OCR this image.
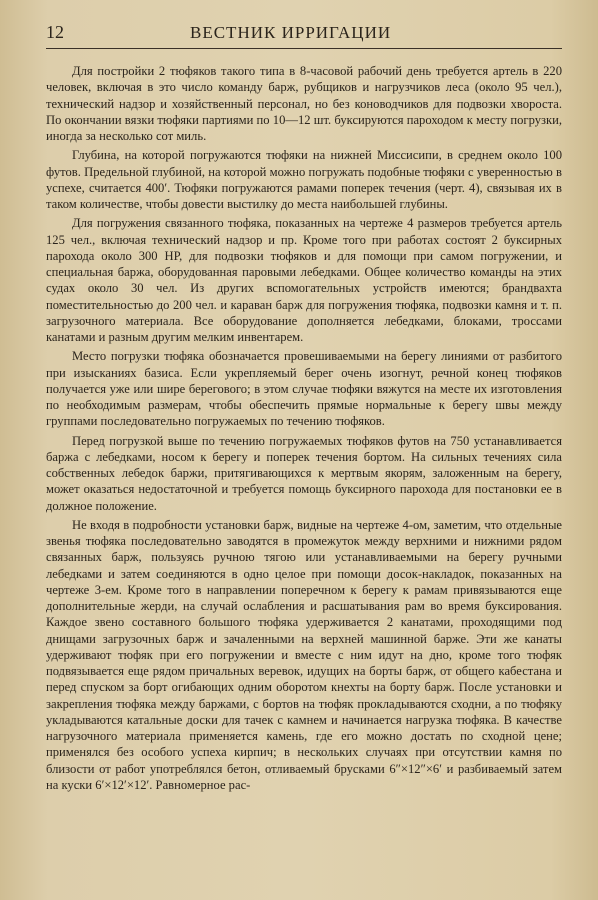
12	ВЕСТНИК ИРРИГАЦИИ

Для постройки 2 тюфяков такого типа в 8-часовой рабочий день требуется артель в 220 человек, включая в это число команду барж, рубщиков и нагрузчиков леса (около 95 чел.), технический надзор и хозяйственный персонал, но без коноводчиков для подвозки хвороста. По окончании вязки тюфяки партиями по 10—12 шт. буксируются пароходом к месту погрузки, иногда за несколько сот миль.

Глубина, на которой погружаются тюфяки на нижней Миссисипи, в среднем около 100 футов. Предельной глубиной, на которой можно погружать подобные тюфяки с уверенностью в успехе, считается 400′. Тюфяки погружаются рамами поперек течения (черт. 4), связывая их в таком количестве, чтобы довести выстилку до места наибольшей глубины.

Для погружения связанного тюфяка, показанных на чертеже 4 размеров требуется артель 125 чел., включая технический надзор и пр. Кроме того при работах состоят 2 буксирных парохода около 300 НР, для подвозки тюфяков и для помощи при самом погружении, и специальная баржа, оборудованная паровыми лебедками. Общее количество команды на этих судах около 30 чел. Из других вспомогательных устройств имеются; брандвахта поместительностью до 200 чел. и караван барж для погружения тюфяка, подвозки камня и т. п. загрузочного материала. Все оборудование дополняется лебедками, блоками, троссами канатами и разным другим мелким инвентарем.

Место погрузки тюфяка обозначается провешиваемыми на берегу линиями от разбитого при изысканиях базиса. Если укрепляемый берег очень изогнут, речной конец тюфяков получается уже или шире берегового; в этом случае тюфяки вяжутся на месте их изготовления по необходимым размерам, чтобы обеспечить прямые нормальные к берегу швы между группами последовательно погружаемых по течению тюфяков.

Перед погрузкой выше по течению погружаемых тюфяков футов на 750 устанавливается баржа с лебедками, носом к берегу и поперек течения бортом. На сильных течениях сила собственных лебедок баржи, притягивающихся к мертвым якорям, заложенным на берегу, может оказаться недостаточной и требуется помощь буксирного парохода для постановки ее в должное положение.

Не входя в подробности установки барж, видные на чертеже 4-ом, заметим, что отдельные звенья тюфяка последовательно заводятся в промежуток между верхними и нижними рядом связанных барж, пользуясь ручною тягою или устанавливаемыми на берегу ручными лебедками и затем соединяются в одно целое при помощи досок-накладок, показанных на чертеже 3-ем. Кроме того в направлении поперечном к берегу к рамам привязываются еще дополнительные жерди, на случай ослабления и расшатывания рам во время буксирования. Каждое звено составного большого тюфяка удерживается 2 канатами, проходящими под днищами загрузочных барж и зачаленными на верхней машинной барже. Эти же канаты удерживают тюфяк при его погружении и вместе с ним идут на дно, кроме того тюфяк подвязывается еще рядом причальных веревок, идущих на борты барж, от общего кабестана и перед спуском за борт огибающих одним оборотом кнехты на борту барж. После установки и закрепления тюфяка между баржами, с бортов на тюфяк прокладываются сходни, а по тюфяку укладываются катальные доски для тачек с камнем и начинается нагрузка тюфяка. В качестве нагрузочного материала применяется камень, где его можно достать по сходной цене; применялся без особого успеха кирпич; в нескольких случаях при отсутствии камня по близости от работ употреблялся бетон, отливаемый брусками 6″×12″×6′ и разбиваемый затем на куски 6′×12′×12′. Равномерное рас-
